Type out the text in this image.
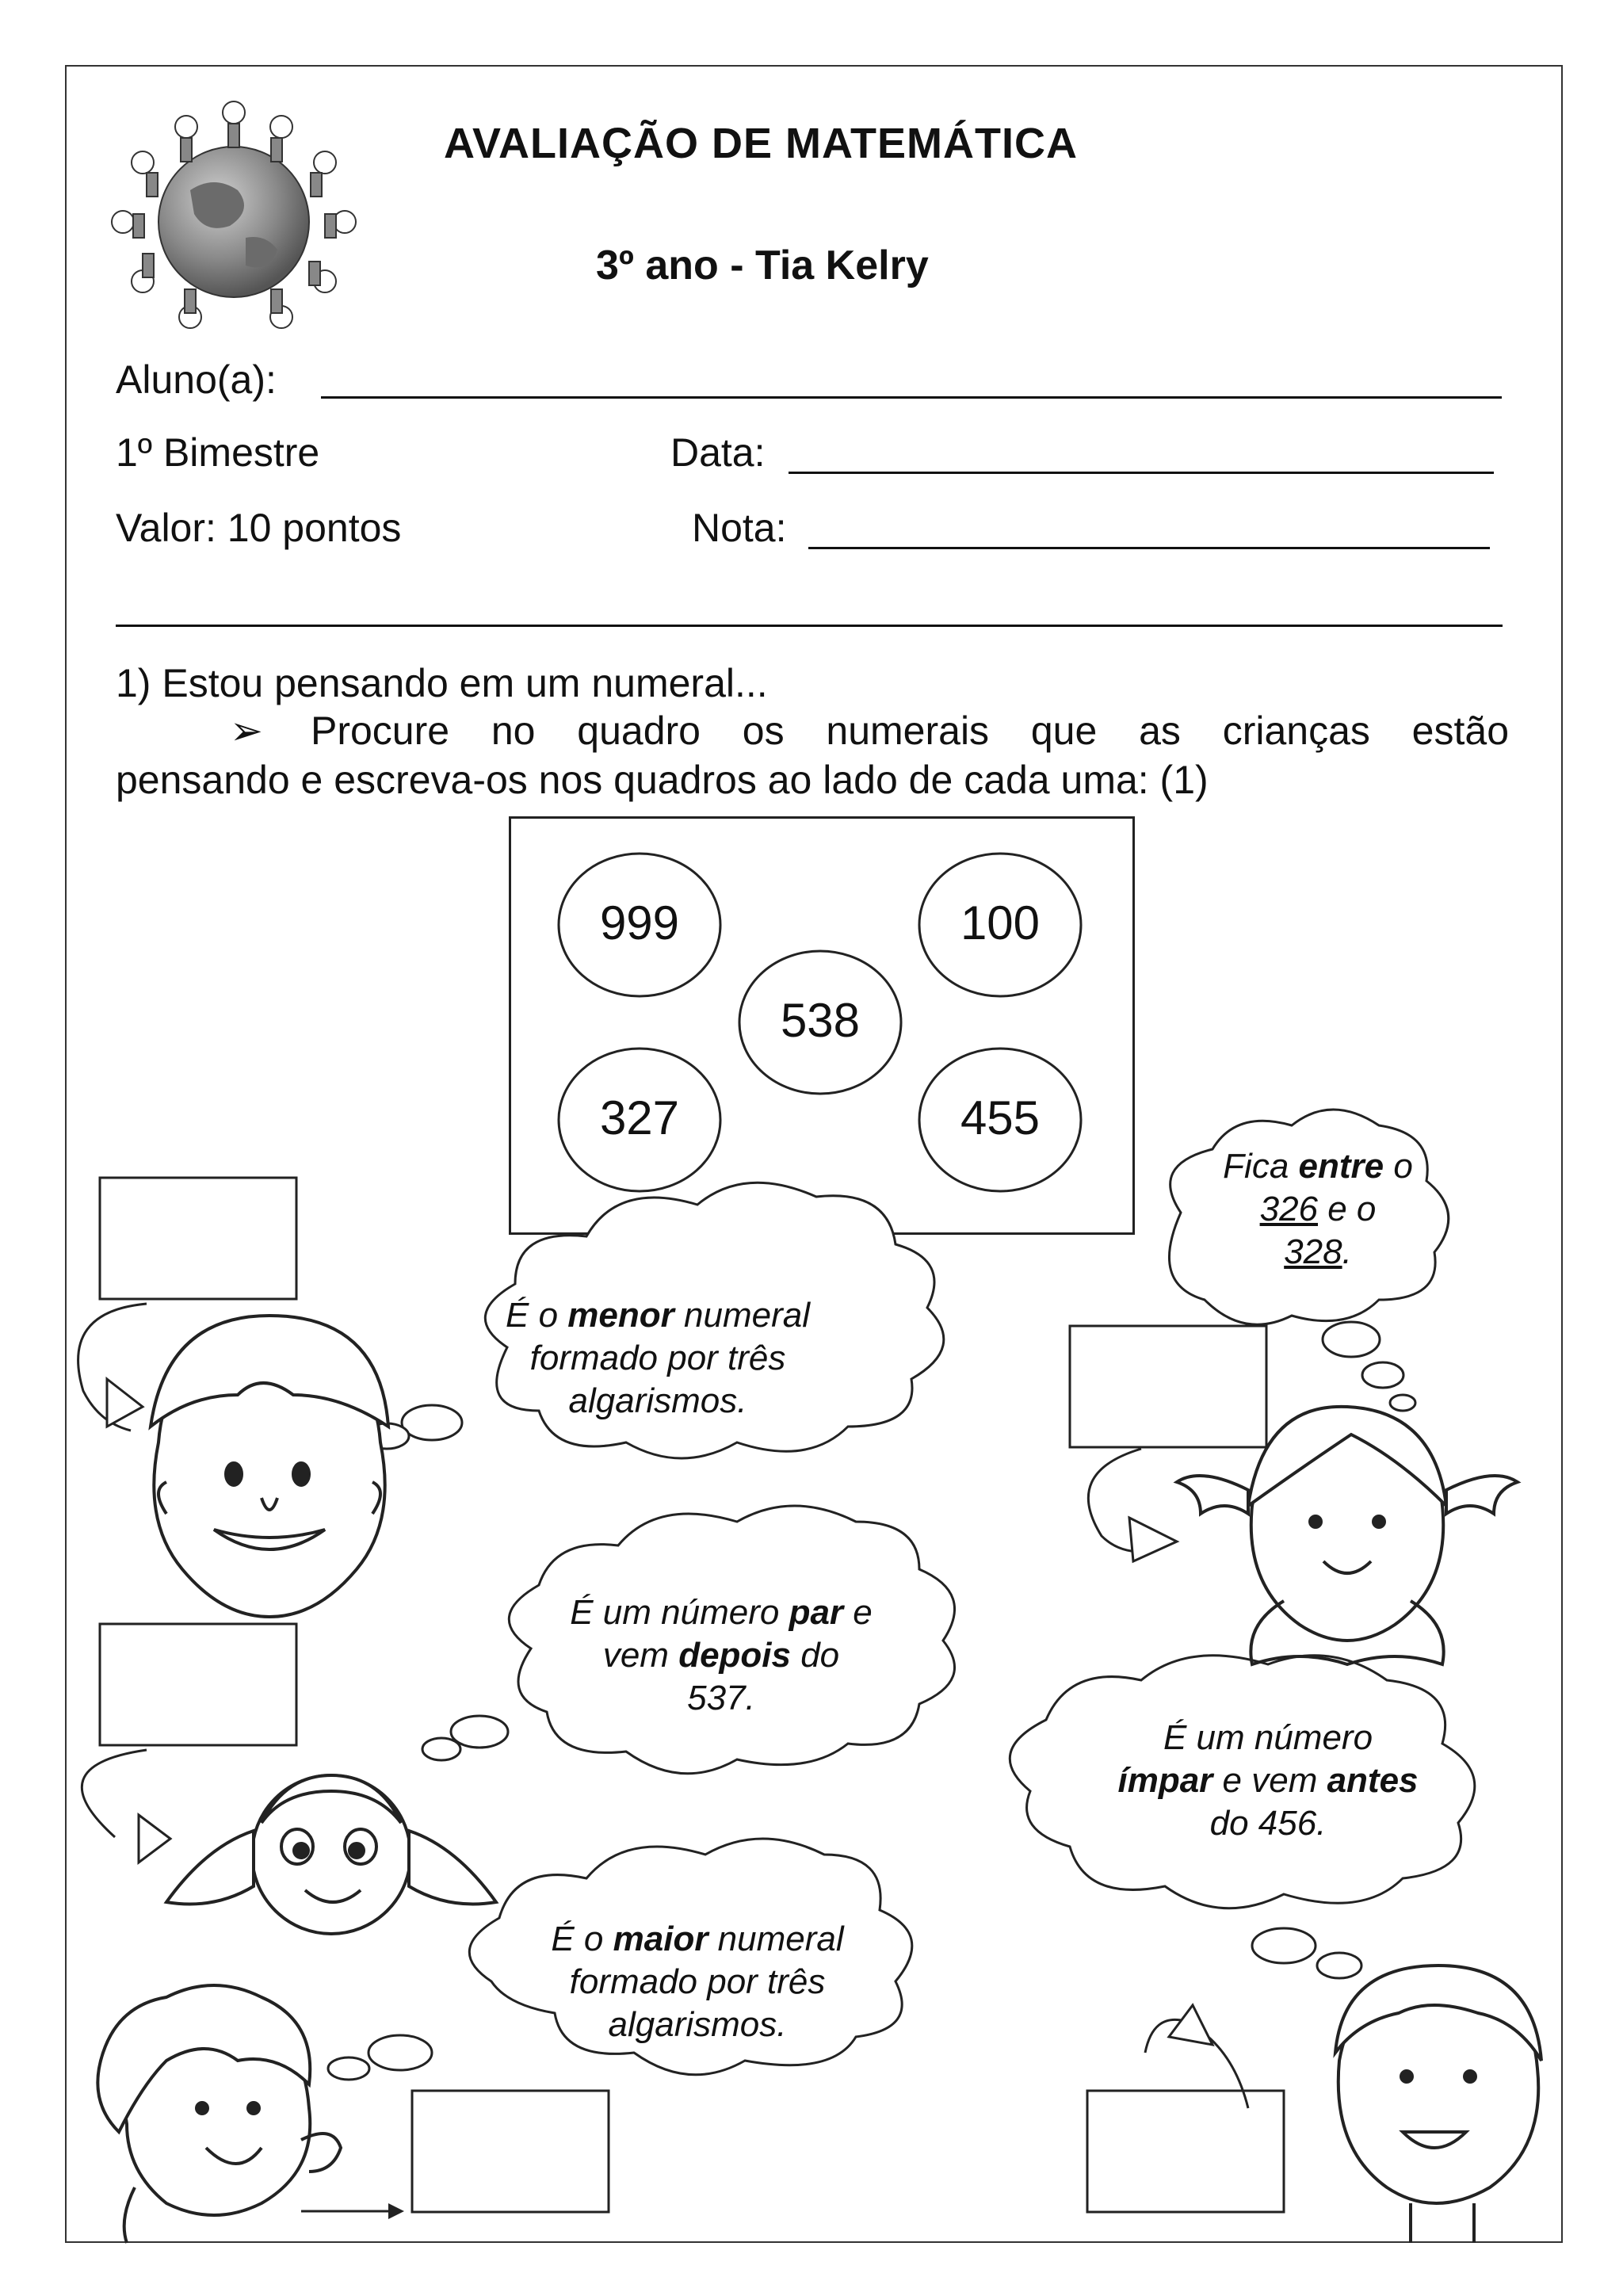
AVALIAÇÃO DE MATEMÁTICA
3º ano - Tia Kelry
Aluno(a):
1º Bimestre	Data:
Valor: 10 pontos	Nota:
1) Estou pensando em um numeral...
➢ Procure no quadro os numerais que as crianças estão
pensando e escreva-os nos quadros ao lado de cada uma: (1)
999	100
538
327	455
É o menor numeral
formado por três
algarismos.
Fica entre o
326 e o
328.
É um número par e
vem depois do
537.
É um número
ímpar e vem antes
do 456.
É o maior numeral
formado por três
algarismos.
